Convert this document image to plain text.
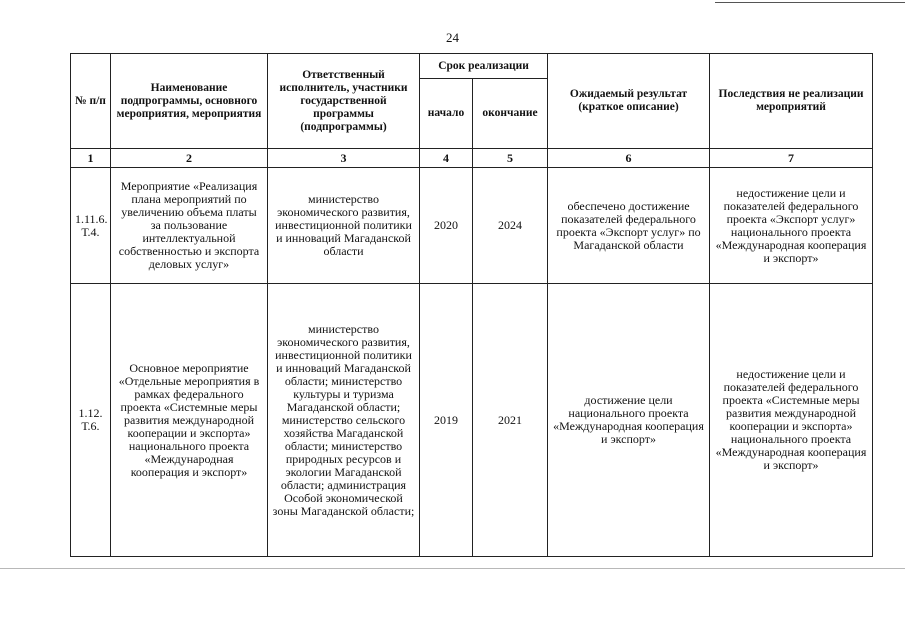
24
№ п/п	Наименование подпрограммы, основного мероприятия, мероприятия	Ответственный исполнитель, участники государственной программы (подпрограммы)	Срок реализации		Ожидаемый результат (краткое описание)	Последствия не реализации мероприятий
			начало	окончание		
1	2	3	4	5	6	7
1.11.6. Т.4.	Мероприятие «Реализация плана мероприятий по увеличению объема платы за пользование интеллектуальной собственностью и экспорта деловых услуг»	министерство экономического развития, инвестиционной политики и инноваций Магаданской области	2020	2024	обеспечено достижение показателей федерального проекта «Экспорт услуг» по Магаданской области	недостижение цели и показателей федерального проекта «Экспорт услуг» национального проекта «Международная кооперация и экспорт»
1.12. Т.6.	Основное мероприятие «Отдельные мероприятия в рамках федерального проекта «Системные меры развития международной кооперации и экспорта» национального проекта «Международная кооперация и экспорт»	министерство экономического развития, инвестиционной политики и инноваций Магаданской области; министерство культуры и туризма Магаданской области; министерство сельского хозяйства Магаданской области; министерство природных ресурсов и экологии Магаданской области; администрация Особой экономической зоны Магаданской области;	2019	2021	достижение цели национального проекта «Международная кооперация и экспорт»	недостижение цели и показателей федерального проекта «Системные меры развития международной кооперации и экспорта» национального проекта «Международная кооперация и экспорт»
